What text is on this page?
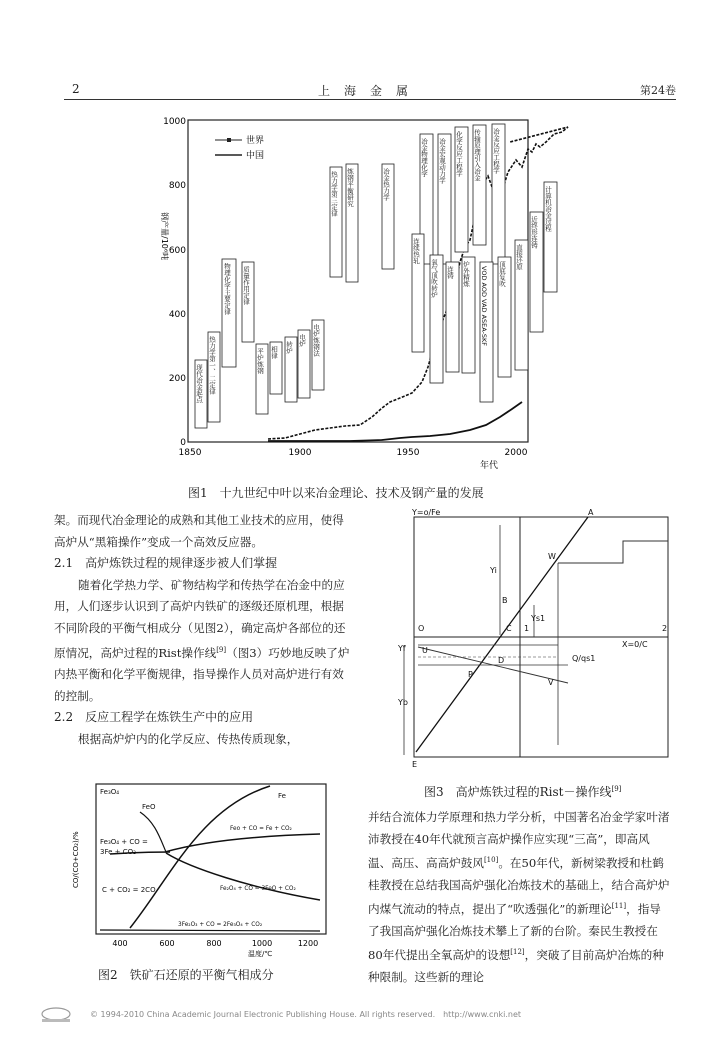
2	上海金属	第24卷
1000
800
600
400
200
0
钢产量/10⁶吨
1850	1900	1950	2000
年代
世界
中国
现代冶金起点 热力学第一、二定律
物理化学主要定律 质量作用定律
平炉炼钢 相律 转炉
电炉 电炉炼钢法
热力学第三定律 炼钢平衡研究	冶金热力学
冶金物理化学 冶金宏观动力学 化学反应工程学 传输原理引入冶金 冶金反应工程学
连续热轧
氧气顶吹转炉 连铸 炉外精炼 VOD AOD VAD ASEA-SKF 顶底复吹
直接还原
近终形连铸
计算机冶金过程
图1　十九世纪中叶以来冶金理论、技术及钢产量的发展

架。而现代冶金理论的成熟和其他工业技术的应用，使得高炉从“黑箱操作”变成一个高效反应器。

2.1　高炉炼铁过程的规律逐步被人们掌握

随着化学热力学、矿物结构学和传热学在冶金中的应用，人们逐步认识到了高炉内铁矿的逐级还原机理，根据不同阶段的平衡气相成分（见图2），确定高炉各部位的还原情况，高炉过程的Rist操作线[9]（图3）巧妙地反映了炉内热平衡和化学平衡规律，指导操作人员对高炉进行有效的控制。

2.2　反应工程学在炼铁生产中的应用

根据高炉炉内的化学反应、传热传质现象，

CO/(CO+CO₂)/%
400	600	800	1000	1200
温度/℃
Fe₃O₄
FeO
Fe
Feo + CO = Fe + CO₂
Fe₃O₄ + CO =
3Fe + CO₂
Fe₂O₄ + CO = 3FeO + CO₂
C + CO₂ = 2CO
3Fe₂O₃ + CO = 2Fe₃O₄ + CO₂
图2　铁矿石还原的平衡气相成分
Y=o/Fe	A
W
Yi
B
Ys1
O	C 1	2
X=0/C
Yf U
D	Q/qs1
P
V
Yb
E
图3　高炉炼铁过程的Rist－操作线[9]

并结合流体力学原理和热力学分析，中国著名冶金学家叶渚沛教授在40年代就预言高炉操作应实现“三高”，即高风温、高压、高高炉鼓风[10]。在50年代，新树梁教授和杜鹤桂教授在总结我国高炉强化冶炼技术的基础上，结合高炉炉内煤气流动的特点，提出了“吹透强化”的新理论[11]，指导了我国高炉强化冶炼技术攀上了新的台阶。秦民生教授在80年代提出全氧高炉的设想[12]，突破了目前高炉冶炼的种种限制。这些新的理论

© 1994-2010 China Academic Journal Electronic Publishing House. All rights reserved.　http://www.cnki.net
